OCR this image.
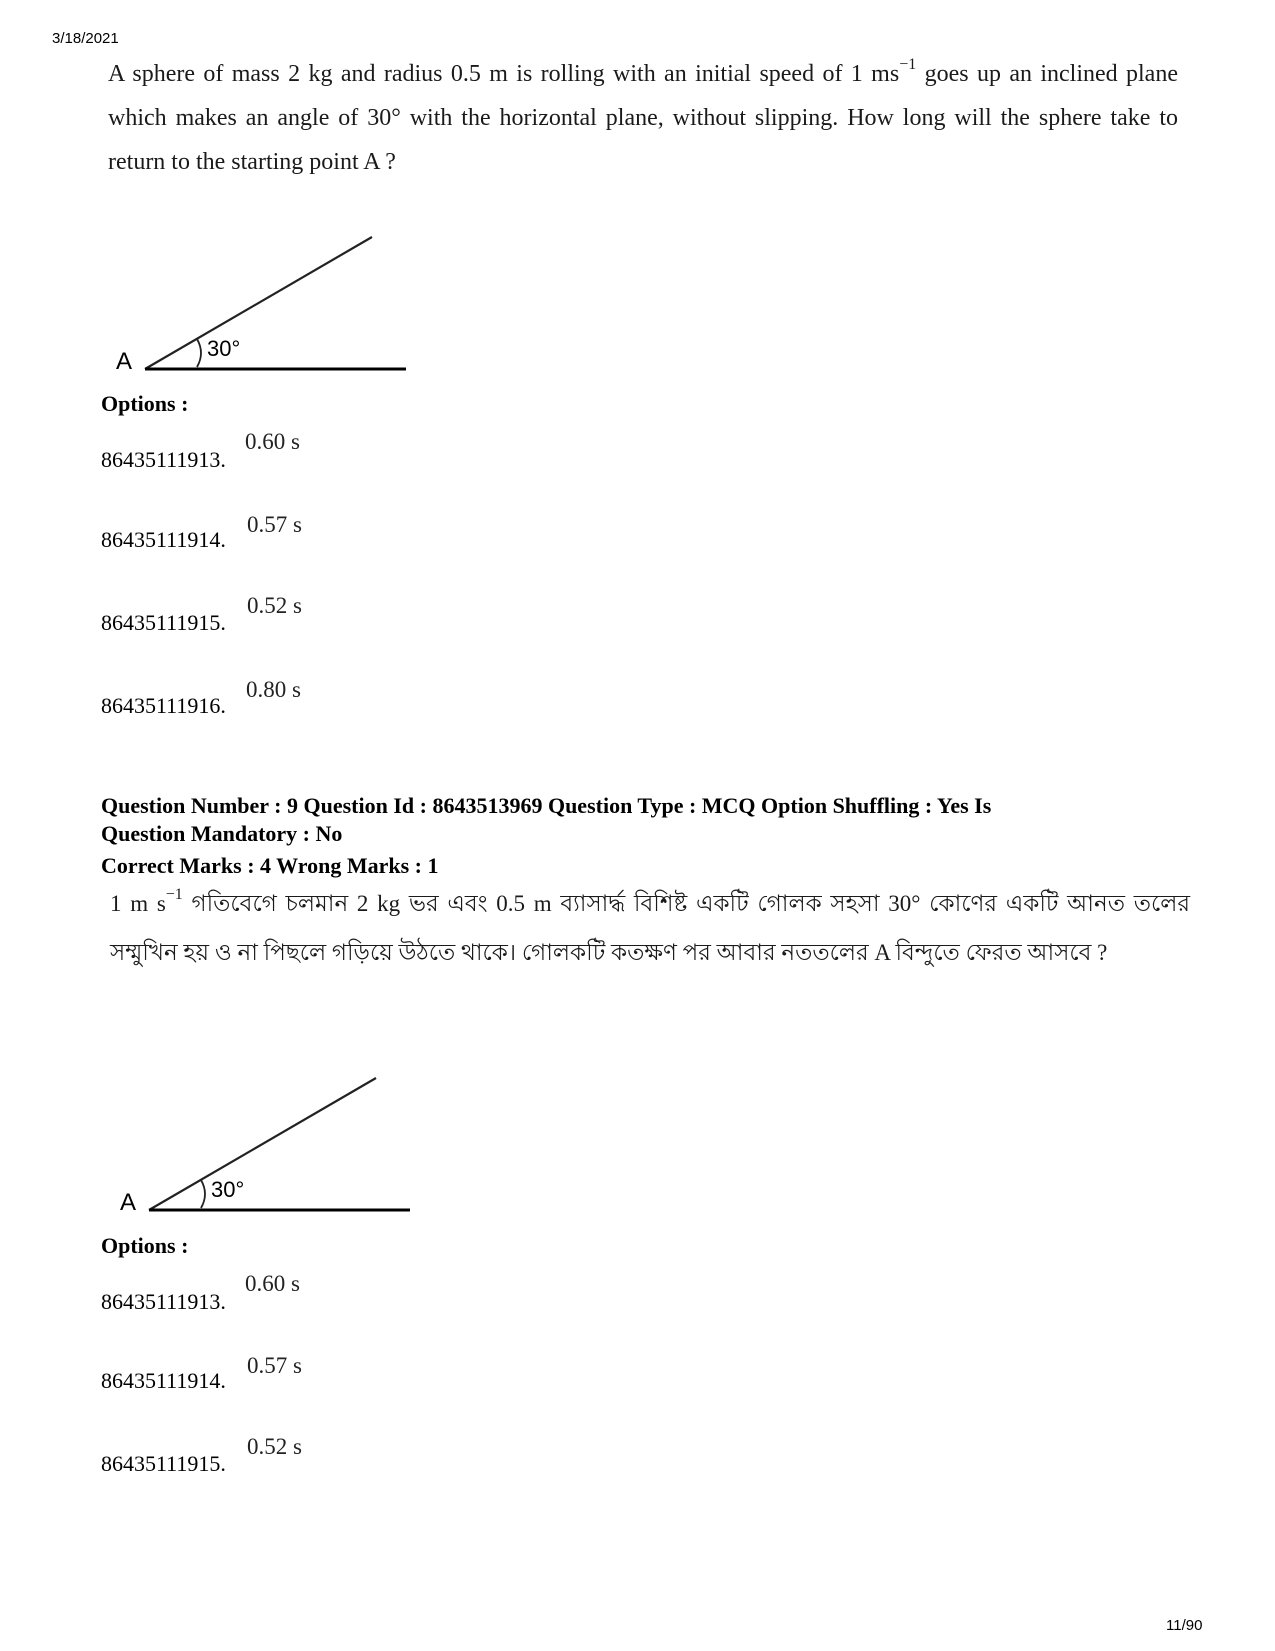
3/18/2021
11/90
A sphere of mass 2 kg and radius 0.5 m is rolling with an initial speed of 1 $ms^{-1}$ goes up an inclined plane which makes an angle of 30° with the horizontal plane, without slipping. How long will the sphere take to return to the starting point A ?
A	30°
Options :
86435111913.
0.60 s
86435111914.
0.57 s
86435111915.
0.52 s
86435111916.
0.80 s
Question Number : 9 Question Id : 8643513969 Question Type : MCQ Option Shuffling : Yes Is
Question Mandatory : No
Correct Marks : 4 Wrong Marks : 1
1 m $s^{-1}$ গতিবেগে চলমান 2 kg ভর এবং 0.5 m ব্যাসার্দ্ধ বিশিষ্ট একটি গোলক সহসা 30° কোণের একটি আনত তলের সম্মুখিন হয় ও না পিছলে গড়িয়ে উঠতে থাকে। গোলকটি কতক্ষণ পর আবার নততলের A বিন্দুতে ফেরত আসবে ?
A	30°
Options :
86435111913.
0.60 s
86435111914.
0.57 s
86435111915.
0.52 s
